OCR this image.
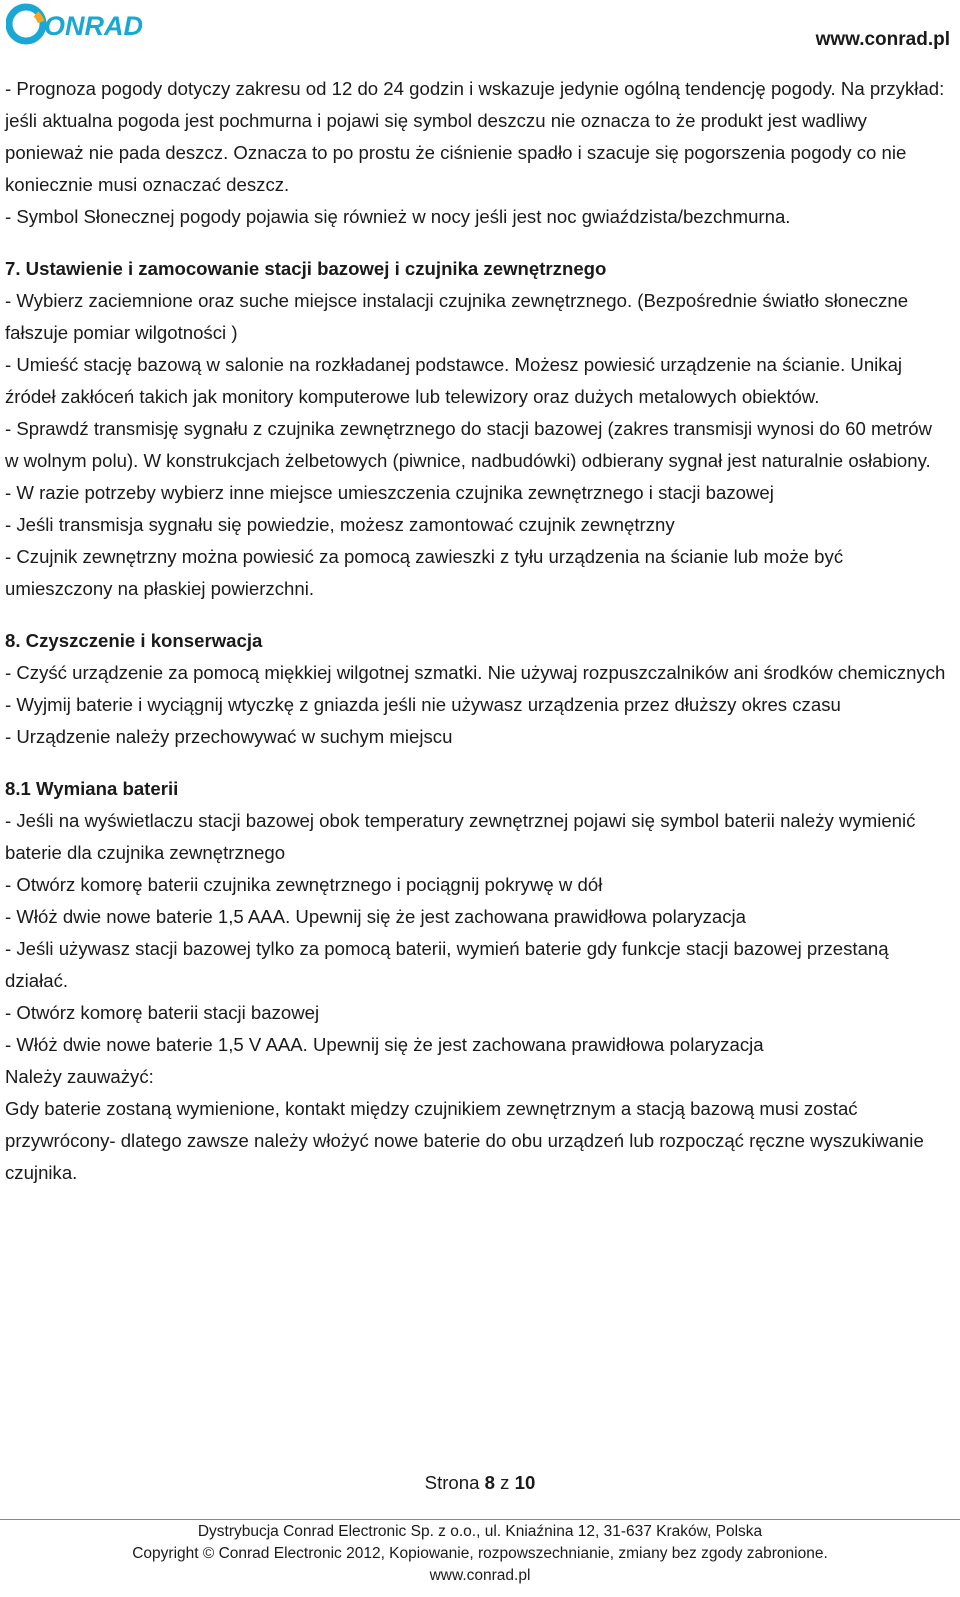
ONRAD	www.conrad.pl

- Prognoza pogody dotyczy zakresu od 12 do 24 godzin i wskazuje jedynie ogólną tendencję pogody. Na przykład: jeśli aktualna pogoda jest pochmurna i pojawi się symbol deszczu nie oznacza to że produkt jest wadliwy ponieważ nie pada deszcz. Oznacza to po prostu że ciśnienie spadło i szacuje się pogorszenia pogody co nie koniecznie musi oznaczać deszcz.

- Symbol Słonecznej pogody pojawia się również w nocy jeśli jest noc gwiaździsta/bezchmurna.

7. Ustawienie i zamocowanie stacji bazowej i czujnika zewnętrznego

- Wybierz zaciemnione oraz suche miejsce instalacji czujnika zewnętrznego. (Bezpośrednie światło słoneczne fałszuje pomiar wilgotności )

- Umieść stację bazową w salonie na rozkładanej podstawce. Możesz powiesić urządzenie na ścianie. Unikaj źródeł zakłóceń takich jak monitory komputerowe lub telewizory oraz dużych metalowych obiektów.

- Sprawdź transmisję sygnału z czujnika zewnętrznego do stacji bazowej (zakres transmisji wynosi do 60 metrów w wolnym polu). W konstrukcjach żelbetowych (piwnice, nadbudówki) odbierany sygnał jest naturalnie osłabiony.

- W razie potrzeby wybierz inne miejsce umieszczenia czujnika zewnętrznego i stacji bazowej

- Jeśli transmisja sygnału się powiedzie, możesz zamontować czujnik zewnętrzny

- Czujnik zewnętrzny można powiesić za pomocą zawieszki z tyłu urządzenia na ścianie lub może być umieszczony na płaskiej powierzchni.

8. Czyszczenie i konserwacja

- Czyść urządzenie za pomocą miękkiej wilgotnej szmatki. Nie używaj rozpuszczalników ani środków chemicznych

- Wyjmij baterie i wyciągnij wtyczkę z gniazda jeśli nie używasz urządzenia przez dłuższy okres czasu

- Urządzenie należy przechowywać w suchym miejscu

8.1 Wymiana baterii

- Jeśli na wyświetlaczu stacji bazowej obok temperatury zewnętrznej pojawi się symbol baterii należy wymienić baterie dla czujnika zewnętrznego

- Otwórz komorę baterii czujnika zewnętrznego i pociągnij pokrywę w dół

- Włóż dwie nowe baterie 1,5 AAA. Upewnij się że jest zachowana prawidłowa polaryzacja

- Jeśli używasz stacji bazowej tylko za pomocą baterii, wymień baterie gdy funkcje stacji bazowej przestaną działać.

- Otwórz komorę baterii stacji bazowej

- Włóż dwie nowe baterie 1,5 V AAA. Upewnij się że jest zachowana prawidłowa polaryzacja

Należy zauważyć:

Gdy baterie zostaną wymienione, kontakt między czujnikiem zewnętrznym a stacją bazową musi zostać przywrócony- dlatego zawsze należy włożyć nowe baterie do obu urządzeń lub rozpocząć ręczne wyszukiwanie czujnika.

Strona 8 z 10
Dystrybucja Conrad Electronic Sp. z o.o., ul. Kniaźnina 12, 31-637 Kraków, Polska
Copyright © Conrad Electronic 2012, Kopiowanie, rozpowszechnianie, zmiany bez zgody zabronione.
www.conrad.pl
